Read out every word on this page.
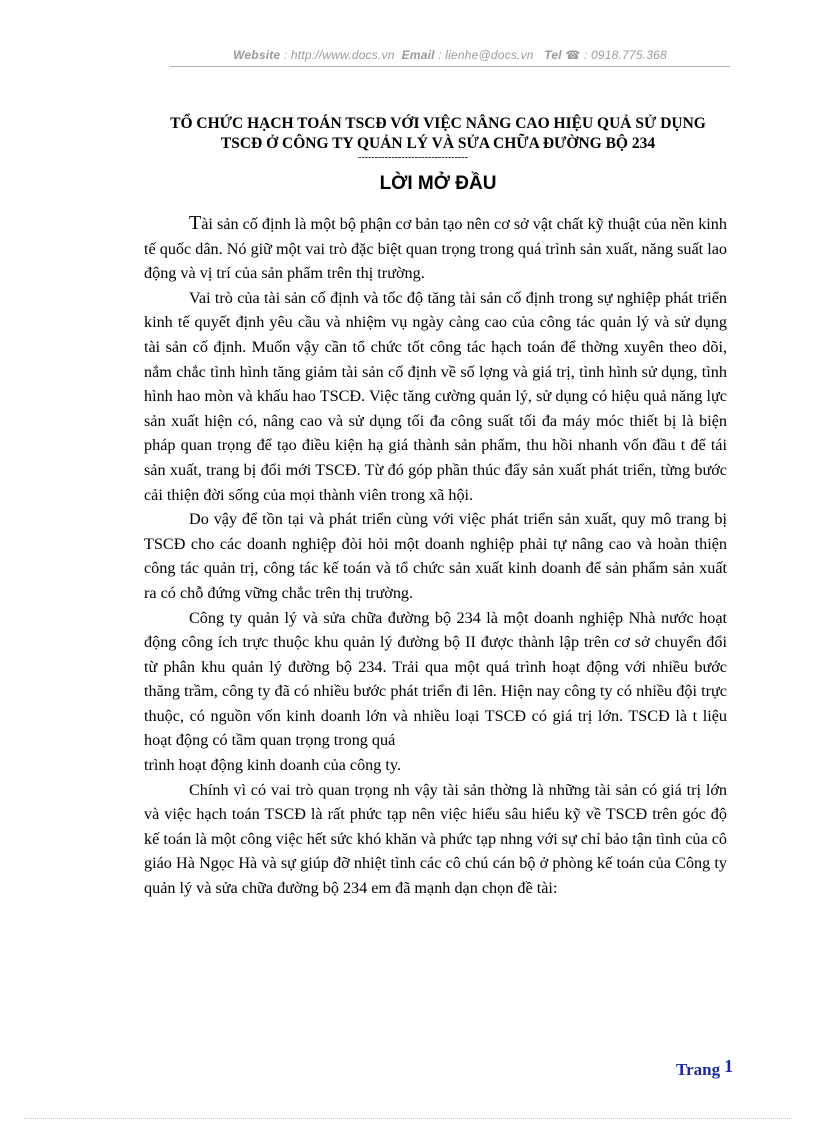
Website : http://www.docs.vn Email : lienhe@docs.vn Tel ☎ : 0918.775.368
TỔ CHỨC HẠCH TOÁN TSCĐ VỚI VIỆC NÂNG CAO HIỆU QUẢ SỬ DỤNG
TSCĐ Ở CÔNG TY QUẢN LÝ VÀ SỬA CHỮA ĐƯỜNG BỘ 234
---------------------------------
LỜI MỞ ĐẦU

Tài sản cố định là một bộ phận cơ bản tạo nên cơ sở vật chất kỹ thuật của nền kinh tế quốc dân. Nó giữ một vai trò đặc biệt quan trọng trong quá trình sản xuất, năng suất lao động và vị trí của sản phẩm trên thị trường.

Vai trò của tài sản cố định và tốc độ tăng tài sản cố định trong sự nghiệp phát triển kinh tế quyết định yêu cầu và nhiệm vụ ngày càng cao của công tác quản lý và sử dụng tài sản cố định. Muốn vậy cần tổ chức tốt công tác hạch toán để thờng xuyên theo dõi, nắm chắc tình hình tăng giảm tài sản cố định về số lợng và giá trị, tình hình sử dụng, tình hình hao mòn và khấu hao TSCĐ. Việc tăng cường quản lý, sử dụng có hiệu quả năng lực sản xuất hiện có, nâng cao và sử dụng tối đa công suất tối đa máy móc thiết bị là biện pháp quan trọng để tạo điều kiện hạ giá thành sản phẩm, thu hồi nhanh vốn đầu t để tái sản xuất, trang bị đổi mới TSCĐ. Từ đó góp phần thúc đẩy sản xuất phát triển, từng bước cải thiện đời sống của mọi thành viên trong xã hội.

Do vậy để tồn tại và phát triển cùng với việc phát triển sản xuất, quy mô trang bị TSCĐ cho các doanh nghiệp đòi hỏi một doanh nghiệp phải tự nâng cao và hoàn thiện công tác quản trị, công tác kế toán và tổ chức sản xuất kinh doanh để sản phẩm sản xuất ra có chỗ đứng vững chắc trên thị trường.

Công ty quản lý và sửa chữa đường bộ 234 là một doanh nghiệp Nhà nước hoạt động công ích trực thuộc khu quản lý đường bộ II được thành lập trên cơ sở chuyển đổi từ phân khu quản lý đường bộ 234. Trải qua một quá trình hoạt động với nhiều bước thăng trầm, công ty đã có nhiều bước phát triển đi lên. Hiện nay công ty có nhiều đội trực thuộc, có nguồn vốn kinh doanh lớn và nhiều loại TSCĐ có giá trị lớn. TSCĐ là t liệu hoạt động có tầm quan trọng trong quá

trình hoạt động kinh doanh của công ty.

Chính vì có vai trò quan trọng nh vậy tài sản thờng là những tài sản có giá trị lớn và việc hạch toán TSCĐ là rất phức tạp nên việc hiểu sâu hiểu kỹ về TSCĐ trên góc độ kế toán là một công việc hết sức khó khăn và phức tạp nhng với sự chỉ bảo tận tình của cô giáo Hà Ngọc Hà và sự giúp đỡ nhiệt tình các cô chú cán bộ ở phòng kế toán của Công ty quản lý và sửa chữa đường bộ 234 em đã mạnh dạn chọn đề tài:

Trang 1
